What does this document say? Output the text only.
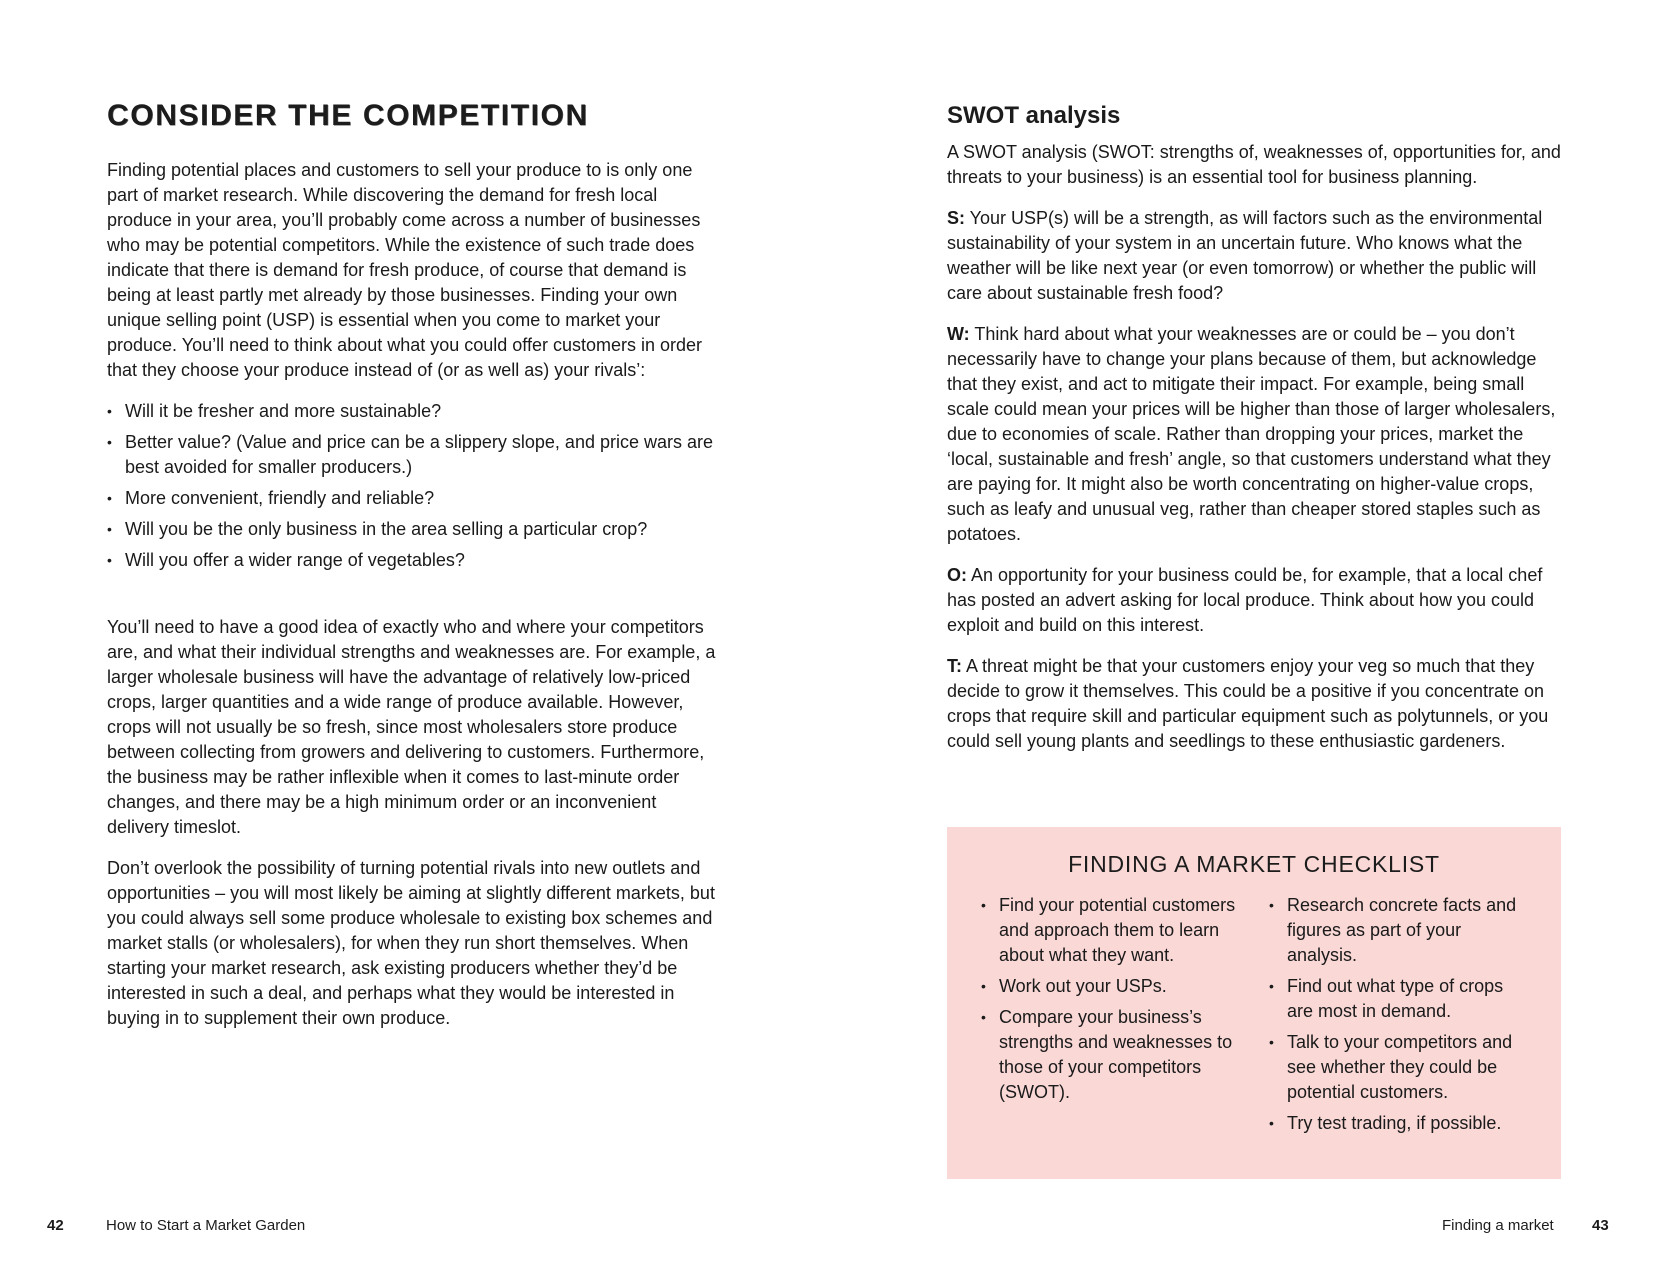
CONSIDER THE COMPETITION

Finding potential places and customers to sell your produce to is only one part of market research. While discovering the demand for fresh local produce in your area, you’ll probably come across a number of businesses who may be potential competitors. While the existence of such trade does indicate that there is demand for fresh produce, of course that demand is being at least partly met already by those businesses. Finding your own unique selling point (USP) is essential when you come to market your produce. You’ll need to think about what you could offer customers in order that they choose your produce instead of (or as well as) your rivals’:

• Will it be fresher and more sustainable?
• Better value? (Value and price can be a slippery slope, and price wars are best avoided for smaller producers.)
• More convenient, friendly and reliable?
• Will you be the only business in the area selling a particular crop?
• Will you offer a wider range of vegetables?

You’ll need to have a good idea of exactly who and where your competitors are, and what their individual strengths and weaknesses are. For example, a larger wholesale business will have the advantage of relatively low-priced crops, larger quantities and a wide range of produce available. However, crops will not usually be so fresh, since most wholesalers store produce between collecting from growers and delivering to customers. Furthermore, the business may be rather inflexible when it comes to last-minute order changes, and there may be a high minimum order or an inconvenient delivery timeslot.

Don’t overlook the possibility of turning potential rivals into new outlets and opportunities – you will most likely be aiming at slightly different markets, but you could always sell some produce wholesale to existing box schemes and market stalls (or wholesalers), for when they run short themselves. When starting your market research, ask existing producers whether they’d be interested in such a deal, and perhaps what they would be interested in buying in to supplement their own produce.

42	How to Start a Market Garden
SWOT analysis

A SWOT analysis (SWOT: strengths of, weaknesses of, opportunities for, and threats to your business) is an essential tool for business planning.

S: Your USP(s) will be a strength, as will factors such as the environmental sustainability of your system in an uncertain future. Who knows what the weather will be like next year (or even tomorrow) or whether the public will care about sustainable fresh food?

W: Think hard about what your weaknesses are or could be – you don’t necessarily have to change your plans because of them, but acknowledge that they exist, and act to mitigate their impact. For example, being small scale could mean your prices will be higher than those of larger wholesalers, due to economies of scale. Rather than dropping your prices, market the ‘local, sustainable and fresh’ angle, so that customers understand what they are paying for. It might also be worth concentrating on higher-value crops, such as leafy and unusual veg, rather than cheaper stored staples such as potatoes.

O: An opportunity for your business could be, for example, that a local chef has posted an advert asking for local produce. Think about how you could exploit and build on this interest.

T: A threat might be that your customers enjoy your veg so much that they decide to grow it themselves. This could be a positive if you concentrate on crops that require skill and particular equipment such as polytunnels, or you could sell young plants and seedlings to these enthusiastic gardeners.

FINDING A MARKET CHECKLIST
• Find your potential customers and approach them to learn about what they want.
• Work out your USPs.
• Compare your business’s strengths and weaknesses to those of your competitors (SWOT).
• Research concrete facts and figures as part of your analysis.
• Find out what type of crops are most in demand.
• Talk to your competitors and see whether they could be potential customers.
• Try test trading, if possible.
Finding a market	43
